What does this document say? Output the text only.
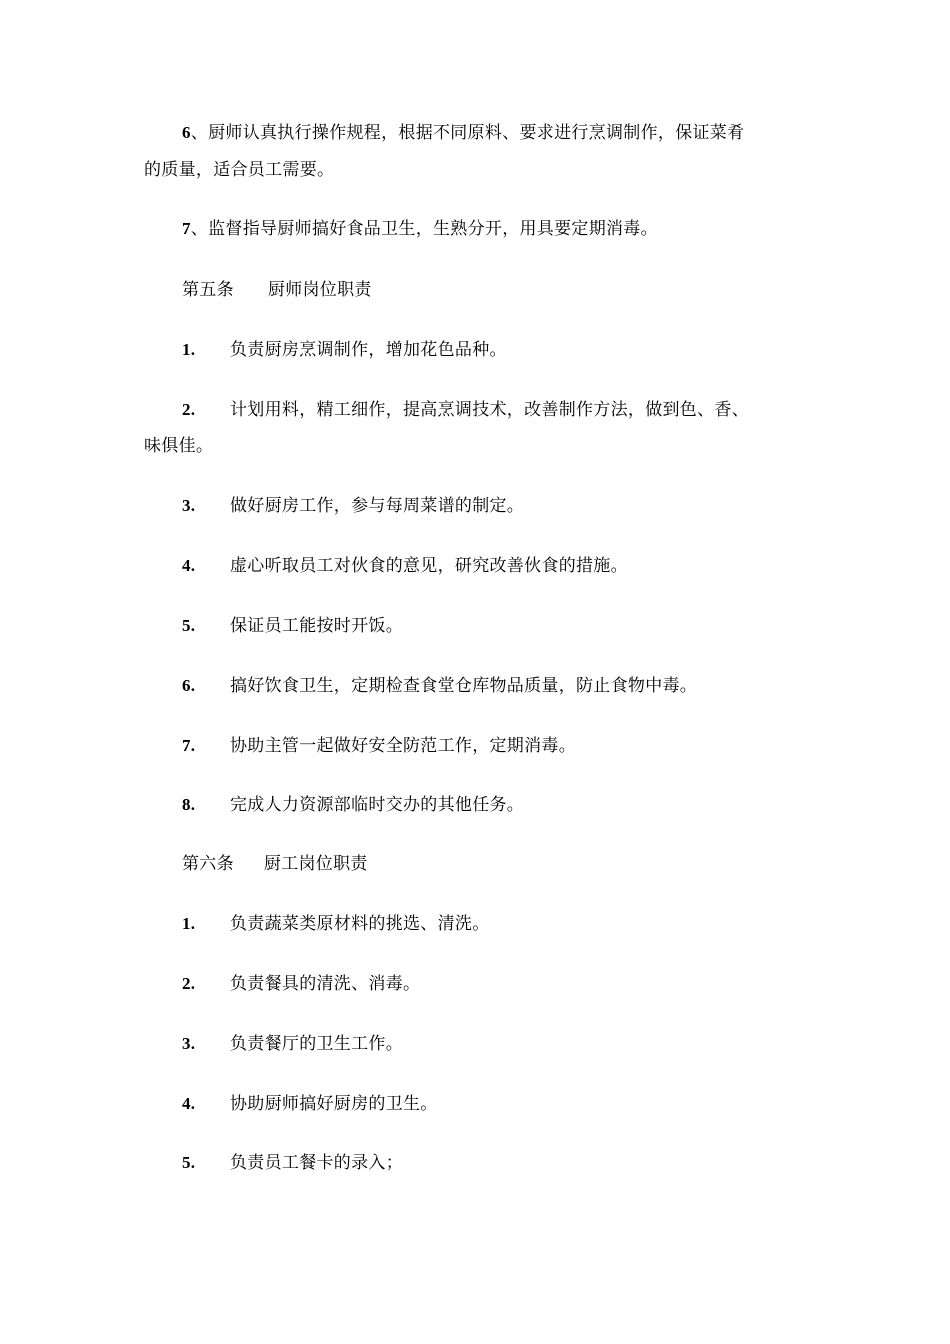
6、厨师认真执行操作规程，根据不同原料、要求进行烹调制作，保证菜肴
的质量，适合员工需要。
7、监督指导厨师搞好食品卫生，生熟分开，用具要定期消毒。
第五条 厨师岗位职责
1. 负责厨房烹调制作，增加花色品种。
2. 计划用料，精工细作，提高烹调技术，改善制作方法，做到色、香、
味俱佳。
3. 做好厨房工作，参与每周菜谱的制定。
4. 虚心听取员工对伙食的意见，研究改善伙食的措施。
5. 保证员工能按时开饭。
6. 搞好饮食卫生，定期检查食堂仓库物品质量，防止食物中毒。
7. 协助主管一起做好安全防范工作，定期消毒。
8. 完成人力资源部临时交办的其他任务。
第六条 厨工岗位职责
1. 负责蔬菜类原材料的挑选、清洗。
2. 负责餐具的清洗、消毒。
3. 负责餐厅的卫生工作。
4. 协助厨师搞好厨房的卫生。
5. 负责员工餐卡的录入；
